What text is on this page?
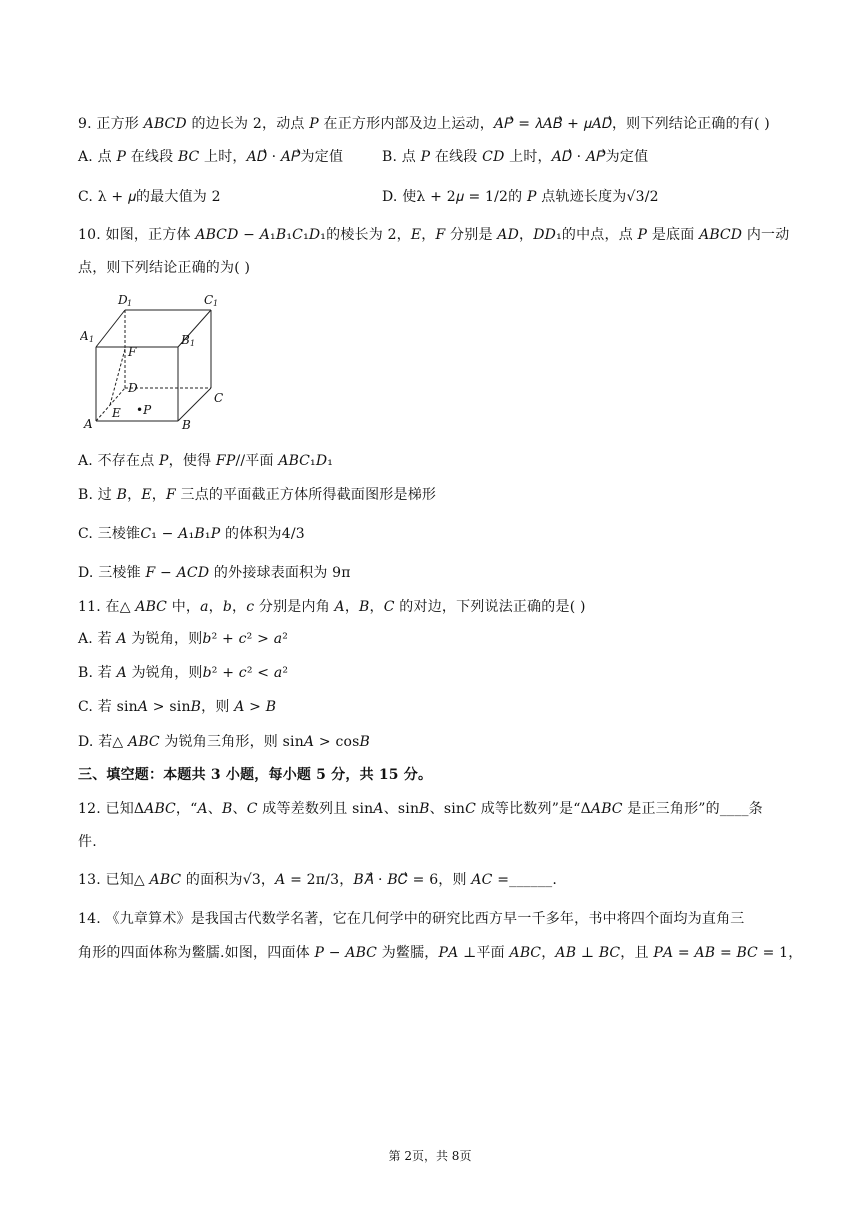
9. 正方形 𝐴𝐵𝐶𝐷 的边长为 2，动点 𝑃 在正方形内部及边上运动，𝐴𝑃⃗ = 𝜆𝐴𝐵⃗ + 𝜇𝐴𝐷⃗，则下列结论正确的有( )
A. 点 𝑃 在线段 𝐵𝐶 上时，𝐴𝐷⃗ · 𝐴𝑃⃗为定值	B. 点 𝑃 在线段 𝐶𝐷 上时，𝐴𝐷⃗ · 𝐴𝑃⃗为定值
C. λ + 𝜇的最大值为 2	D. 使λ + 2𝜇 = 1/2的 𝑃 点轨迹长度为√3/2
10. 如图，正方体 𝐴𝐵𝐶𝐷 − 𝐴₁𝐵₁𝐶₁𝐷₁的棱长为 2，𝐸，𝐹 分别是 𝐴𝐷，𝐷𝐷₁的中点，点 𝑃 是底面 𝐴𝐵𝐶𝐷 内一动
点，则下列结论正确的为( )
D 1	C 1
A 1	B 1
F
D
C
E •P
A	B
A. 不存在点 𝑃，使得 𝐹𝑃//平面 𝐴𝐵𝐶₁𝐷₁
B. 过 𝐵，𝐸，𝐹 三点的平面截正方体所得截面图形是梯形
C. 三棱锥𝐶₁ − 𝐴₁𝐵₁𝑃 的体积为4/3
D. 三棱锥 𝐹 − 𝐴𝐶𝐷 的外接球表面积为 9π
11. 在△ 𝐴𝐵𝐶 中，𝑎，𝑏，𝑐 分别是内角 𝐴，𝐵，𝐶 的对边，下列说法正确的是( )
A. 若 𝐴 为锐角，则𝑏² + 𝑐² > 𝑎²
B. 若 𝐴 为锐角，则𝑏² + 𝑐² < 𝑎²
C. 若 sin𝐴 > sin𝐵，则 𝐴 > 𝐵
D. 若△ 𝐴𝐵𝐶 为锐角三角形，则 sin𝐴 > cos𝐵
三、填空题：本题共 3 小题，每小题 5 分，共 15 分。
12. 已知Δ𝐴𝐵𝐶，“𝐴、𝐵、𝐶 成等差数列且 sin𝐴、sin𝐵、sin𝐶 成等比数列”是“Δ𝐴𝐵𝐶 是正三角形”的____条
件.
13. 已知△ 𝐴𝐵𝐶 的面积为√3，𝐴 = 2π/3，𝐵𝐴⃗ · 𝐵𝐶⃗ = 6，则 𝐴𝐶 =______.
14. 《九章算术》是我国古代数学名著，它在几何学中的研究比西方早一千多年，书中将四个面均为直角三
角形的四面体称为鳖臑.如图，四面体 𝑃 − 𝐴𝐵𝐶 为鳖臑，𝑃𝐴 ⊥平面 𝐴𝐵𝐶，𝐴𝐵 ⊥ 𝐵𝐶，且 𝑃𝐴 = 𝐴𝐵 = 𝐵𝐶 = 1，
第 2页，共 8页
